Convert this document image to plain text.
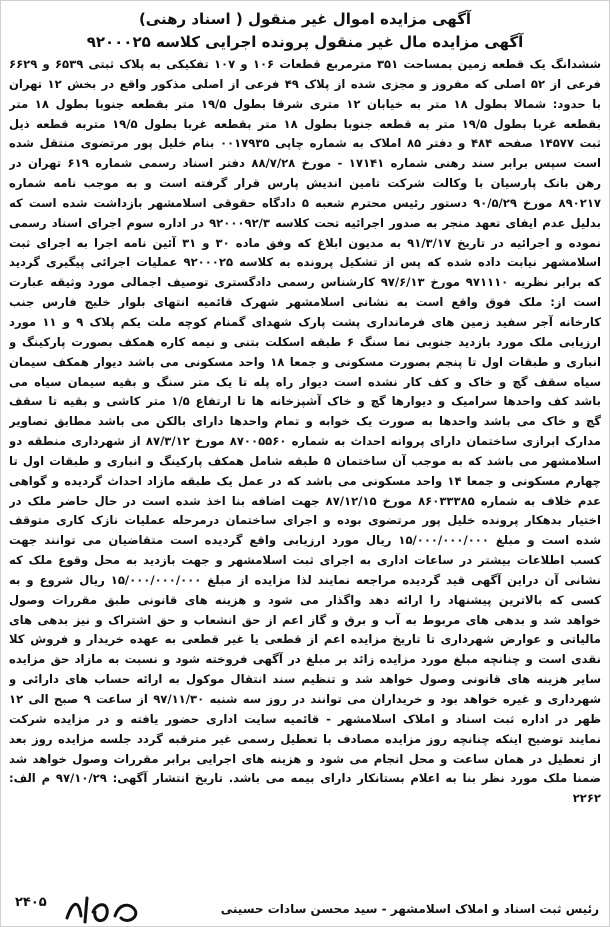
آگهی مزایده اموال غیر منقول ( اسناد رهنی)
آگهی مزایده مال غیر منقول پرونده اجرایی کلاسه ۹۲۰۰۰۲۵

ششدانگ یک قطعه زمین بمساحت ۳۵۱ مترمربع قطعات ۱۰۶ و ۱۰۷ تفکیکی به پلاک ثبتی ۶۵۳۹ و ۶۶۲۹ فرعی از ۵۲ اصلی که مفروز و مجزی شده از پلاک ۴۹ فرعی از اصلی مذکور واقع در بخش ۱۲ تهران با حدود: شمالا بطول ۱۸ متر به خیابان ۱۲ متری شرقا بطول ۱۹/۵ متر بقطعه جنوبا بطول ۱۸ متر بقطعه غربا بطول ۱۹/۵ متر به قطعه جنوبا بطول ۱۸ متر بقطعه غربا بطول ۱۹/۵ متربه قطعه ذیل ثبت ۱۴۵۷۷ صفحه ۴۸۴ و دفتر ۸۵ املاک به شماره چاپی ۰۰۱۷۹۳۵ بنام خلیل پور مرتضوی منتقل شده است سپس برابر سند رهنی شماره ۱۷۱۴۱ - مورخ ۸۸/۷/۲۸ دفتر اسناد رسمی شماره ۶۱۹ تهران در رهن بانک پارسیان با وکالت شرکت تامین اندیش پارس قرار گرفته است و به موجب نامه شماره ۸۹۰۲۱۷ مورخ ۹۰/۵/۲۹ دستور رئیس محترم شعبه ۵ دادگاه حقوقی اسلامشهر بازداشت شده است که بدلیل عدم ایفای تعهد منجر به صدور اجرائیه تحت کلاسه ۹۲۰۰۰۹۲/۳ در اداره سوم اجرای اسناد رسمی نموده و اجرائیه در تاریخ ۹۱/۳/۱۷ به مدیون ابلاغ که وفق ماده ۳۰ و ۳۱ آئین نامه اجرا به اجرای ثبت اسلامشهر نیابت داده شده که پس از تشکیل پرونده به کلاسه ۹۲۰۰۰۲۵ عملیات اجرائی پیگیری گردید که برابر نظریه ۹۷۱۱۱۰ مورخ ۹۷/۶/۱۳ کارشناس رسمی دادگستری توصیف اجمالی مورد وثیقه عبارت است از: ملک فوق واقع است به نشانی اسلامشهر شهرک قائمیه انتهای بلوار خلیج فارس جنب کارخانه آجر سفید زمین های فرمانداری پشت پارک شهدای گمنام کوچه ملت یکم پلاک ۹ و ۱۱ مورد ارزیابی ملک مورد بازدید جنوبی نما سنگ ۶ طبقه اسکلت بتنی و نیمه کاره همکف بصورت پارکینگ و انباری و طبقات اول تا پنجم بصورت مسکونی و جمعا ۱۸ واحد مسکونی می باشد دیوار همکف سیمان سیاه سقف گچ و خاک و کف کار نشده است دیوار راه پله تا یک متر سنگ و بقیه سیمان سیاه می باشد کف واحدها سرامیک و دیوارها گچ و خاک آشپزخانه ها تا ارتفاع ۱/۵ متر کاشی و بقیه تا سقف گچ و خاک می باشد واحدها به صورت یک خوابه و تمام واحدها دارای بالکن می باشد مطابق تصاویر مدارک ابرازی ساختمان دارای پروانه احداث به شماره ۸۷۰۰۵۵۶۰ مورخ ۸۷/۳/۱۲ از شهرداری منطقه دو اسلامشهر می باشد که به موجب آن ساختمان ۵ طبقه شامل همکف پارکینگ و انباری و طبقات اول تا چهارم مسکونی و جمعا ۱۴ واحد مسکونی می باشد که در عمل یک طبقه مازاد احداث گردیده و گواهی عدم خلاف به شماره ۸۶۰۳۳۳۸۵ مورخ ۸۷/۱۲/۱۵ جهت اضافه بنا اخذ شده است در حال حاضر ملک در اختیار بدهکار پرونده خلیل پور مرتضوی بوده و اجرای ساختمان درمرحله عملیات نازک کاری متوقف شده است و مبلغ ۱۵/۰۰۰/۰۰۰/۰۰۰ ریال مورد ارزیابی واقع گردیده است متقاضیان می توانند جهت کسب اطلاعات بیشتر در ساعات اداری به اجرای ثبت اسلامشهر و جهت بازدید به محل وقوع ملک که نشانی آن دراین آگهی قید گردیده مراجعه نمایند لذا مزایده از مبلغ ۱۵/۰۰۰/۰۰۰/۰۰۰ ریال شروع و به کسی که بالاترین پیشنهاد را ارائه دهد واگذار می شود و هزینه های قانونی طبق مقررات وصول خواهد شد و بدهی های مربوط به آب و برق و گاز اعم از حق انشعاب و حق اشتراک و نیز بدهی های مالیاتی و عوارض شهرداری تا تاریخ مزایده اعم از قطعی یا غیر قطعی به عهده خریدار و فروش کلا نقدی است و چنانچه مبلغ مورد مزایده زائد بر مبلغ در آگهی فروخته شود و نسبت به مازاد حق مزایده سایر هزینه های قانونی وصول خواهد شد و تنظیم سند انتقال موکول به ارائه حساب های دارائی و شهرداری و غیره خواهد بود و خریداران می توانند در روز سه شنبه ۹۷/۱۱/۳۰ از ساعت ۹ صبح الی ۱۲ ظهر در اداره ثبت اسناد و املاک اسلامشهر - قائمیه سایت اداری حضور یافته و در مزایده شرکت نمایند توضیح اینکه چنانچه روز مزایده مصادف با تعطیل رسمی غیر مترقبه گردد جلسه مزایده روز بعد از تعطیل در همان ساعت و محل انجام می شود و هزینه های اجرایی برابر مقررات وصول خواهد شد ضمنا ملک مورد نظر بنا به اعلام بستانکار دارای بیمه می باشد. تاریخ انتشار آگهی: ۹۷/۱۰/۲۹ م الف: ۲۲۶۲

رئیس ثبت اسناد و املاک اسلامشهر - سید محسن سادات حسینی
۲۴۰۵
